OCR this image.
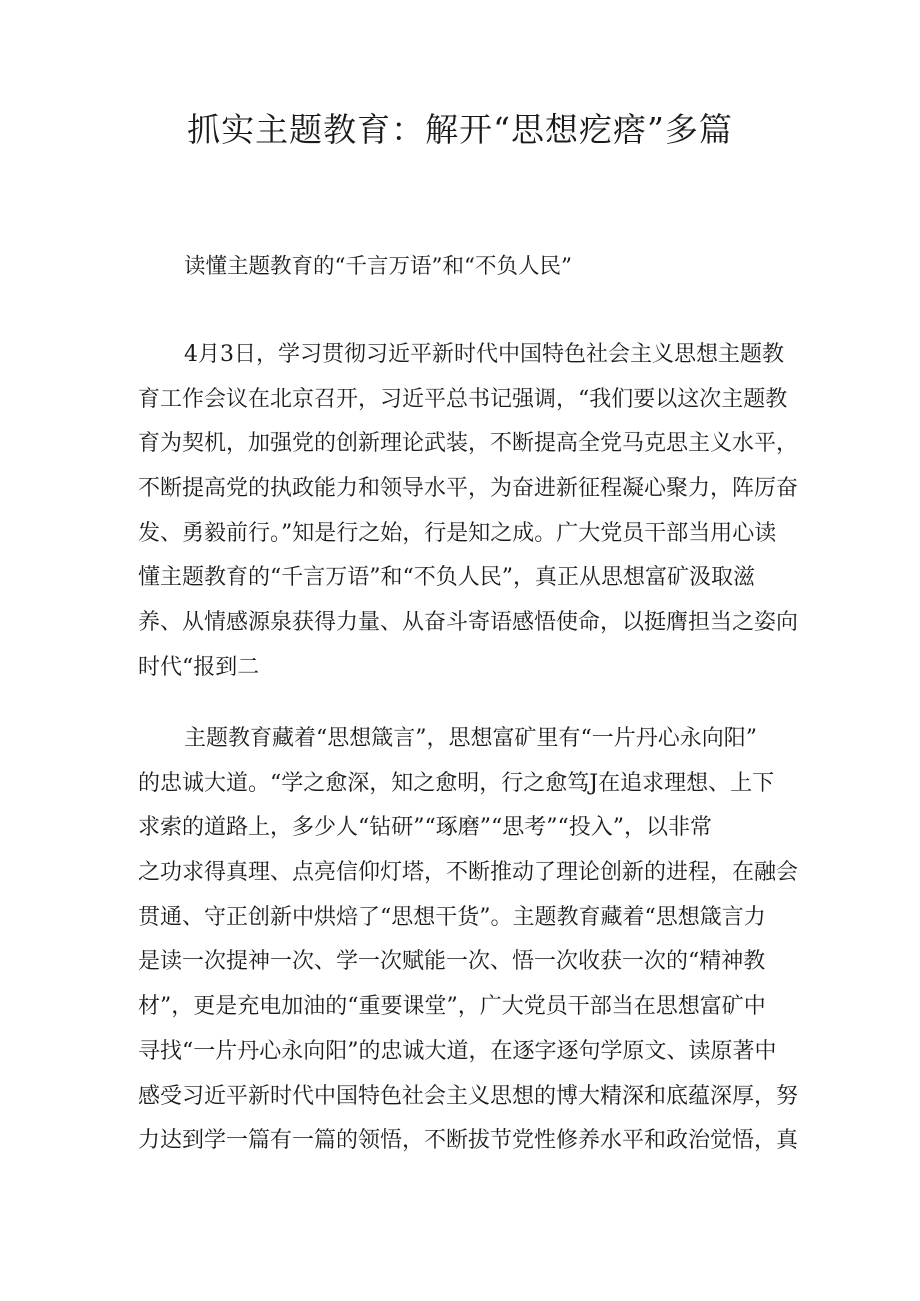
抓实主题教育：解开“思想疙瘩”多篇

读懂主题教育的“千言万语”和“不负人民”

4月3日，学习贯彻习近平新时代中国特色社会主义思想主题教
育工作会议在北京召开，习近平总书记强调，“我们要以这次主题教
育为契机，加强党的创新理论武装，不断提高全党马克思主义水平，
不断提高党的执政能力和领导水平，为奋进新征程凝心聚力，阵厉奋
发、勇毅前行。”知是行之始，行是知之成。广大党员干部当用心读
懂主题教育的“千言万语”和“不负人民”，真正从思想富矿汲取滋
养、从情感源泉获得力量、从奋斗寄语感悟使命，以挺膺担当之姿向
时代“报到二
主题教育藏着“思想箴言”，思想富矿里有“一片丹心永向阳”
的忠诚大道。“学之愈深，知之愈明，行之愈笃J在追求理想、上下
求索的道路上，多少人“钻研”“琢磨”“思考”“投入”，以非常
之功求得真理、点亮信仰灯塔，不断推动了理论创新的进程，在融会
贯通、守正创新中烘焙了“思想干货”。主题教育藏着“思想箴言力
是读一次提神一次、学一次赋能一次、悟一次收获一次的“精神教
材”，更是充电加油的“重要课堂”，广大党员干部当在思想富矿中
寻找“一片丹心永向阳”的忠诚大道，在逐字逐句学原文、读原著中
感受习近平新时代中国特色社会主义思想的博大精深和底蕴深厚，努
力达到学一篇有一篇的领悟，不断拔节党性修养水平和政治觉悟，真
